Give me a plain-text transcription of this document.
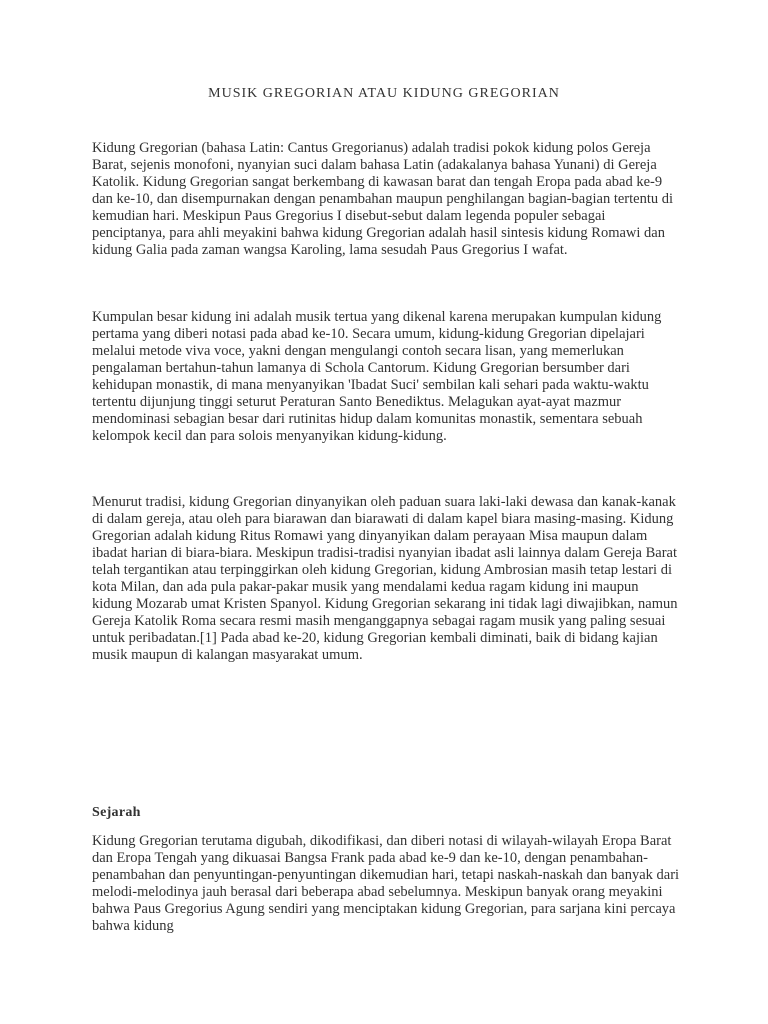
MUSIK GREGORIAN ATAU KIDUNG GREGORIAN

Kidung Gregorian (bahasa Latin: Cantus Gregorianus) adalah tradisi pokok kidung polos Gereja Barat, sejenis monofoni, nyanyian suci dalam bahasa Latin (adakalanya bahasa Yunani) di Gereja Katolik. Kidung Gregorian sangat berkembang di kawasan barat dan tengah Eropa pada abad ke-9 dan ke-10, dan disempurnakan dengan penambahan maupun penghilangan bagian-bagian tertentu di kemudian hari. Meskipun Paus Gregorius I disebut-sebut dalam legenda populer sebagai penciptanya, para ahli meyakini bahwa kidung Gregorian adalah hasil sintesis kidung Romawi dan kidung Galia pada zaman wangsa Karoling, lama sesudah Paus Gregorius I wafat.

Kumpulan besar kidung ini adalah musik tertua yang dikenal karena merupakan kumpulan kidung pertama yang diberi notasi pada abad ke-10. Secara umum, kidung-kidung Gregorian dipelajari melalui metode viva voce, yakni dengan mengulangi contoh secara lisan, yang memerlukan pengalaman bertahun-tahun lamanya di Schola Cantorum. Kidung Gregorian bersumber dari kehidupan monastik, di mana menyanyikan 'Ibadat Suci' sembilan kali sehari pada waktu-waktu tertentu dijunjung tinggi seturut Peraturan Santo Benediktus. Melagukan ayat-ayat mazmur mendominasi sebagian besar dari rutinitas hidup dalam komunitas monastik, sementara sebuah kelompok kecil dan para solois menyanyikan kidung-kidung.

Menurut tradisi, kidung Gregorian dinyanyikan oleh paduan suara laki-laki dewasa dan kanak-kanak di dalam gereja, atau oleh para biarawan dan biarawati di dalam kapel biara masing-masing. Kidung Gregorian adalah kidung Ritus Romawi yang dinyanyikan dalam perayaan Misa maupun dalam ibadat harian di biara-biara. Meskipun tradisi-tradisi nyanyian ibadat asli lainnya dalam Gereja Barat telah tergantikan atau terpinggirkan oleh kidung Gregorian, kidung Ambrosian masih tetap lestari di kota Milan, dan ada pula pakar-pakar musik yang mendalami kedua ragam kidung ini maupun kidung Mozarab umat Kristen Spanyol. Kidung Gregorian sekarang ini tidak lagi diwajibkan, namun Gereja Katolik Roma secara resmi masih menganggapnya sebagai ragam musik yang paling sesuai untuk peribadatan.[1] Pada abad ke-20, kidung Gregorian kembali diminati, baik di bidang kajian musik maupun di kalangan masyarakat umum.

Sejarah

Kidung Gregorian terutama digubah, dikodifikasi, dan diberi notasi di wilayah-wilayah Eropa Barat dan Eropa Tengah yang dikuasai Bangsa Frank pada abad ke-9 dan ke-10, dengan penambahan-penambahan dan penyuntingan-penyuntingan dikemudian hari, tetapi naskah-naskah dan banyak dari melodi-melodinya jauh berasal dari beberapa abad sebelumnya. Meskipun banyak orang meyakini bahwa Paus Gregorius Agung sendiri yang menciptakan kidung Gregorian, para sarjana kini percaya bahwa kidung
